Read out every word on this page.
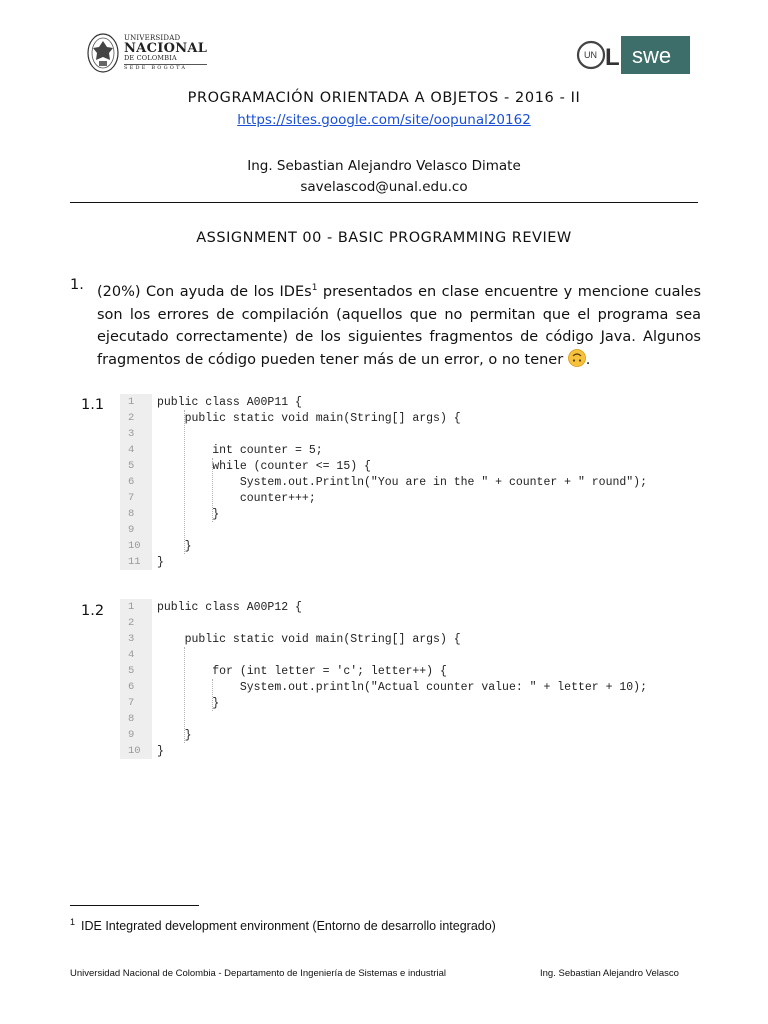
UNIVERSIDAD
NACIONAL
DE COLOMBIA
SEDE BOGOTÁ
UN L swe
PROGRAMACIÓN ORIENTADA A OBJETOS - 2016 - II
https://sites.google.com/site/oopunal20162
Ing. Sebastian Alejandro Velasco Dimate
savelascod@unal.edu.co
ASSIGNMENT 00 - BASIC PROGRAMMING REVIEW
1. (20%) Con ayuda de los IDEs$^1$ presentados en clase encuentre y mencione cuales son los errores de compilación (aquellos que no permitan que el programa sea ejecutado correctamente) de los siguientes fragmentos de código Java. Algunos fragmentos de código pueden tener más de un error, o no tener .
1.1	1	public class A00P11 {
2	public static void main(String[] args) {
3
4	int counter = 5;
5	while (counter <= 15) {
6	System.out.Println("You are in the " + counter + " round");
7	counter+++;
8	}
9
10	}
11	}
1.2	1	public class A00P12 {
2
3	public static void main(String[] args) {
4
5	for (int letter = 'c'; letter++) {
6	System.out.println("Actual counter value: " + letter + 10);
7	}
8
9	}
10	}
$^1$ IDE Integrated development environment (Entorno de desarrollo integrado)
Universidad Nacional de Colombia - Departamento de Ingeniería de Sistemas e industrial	Ing. Sebastian Alejandro Velasco
